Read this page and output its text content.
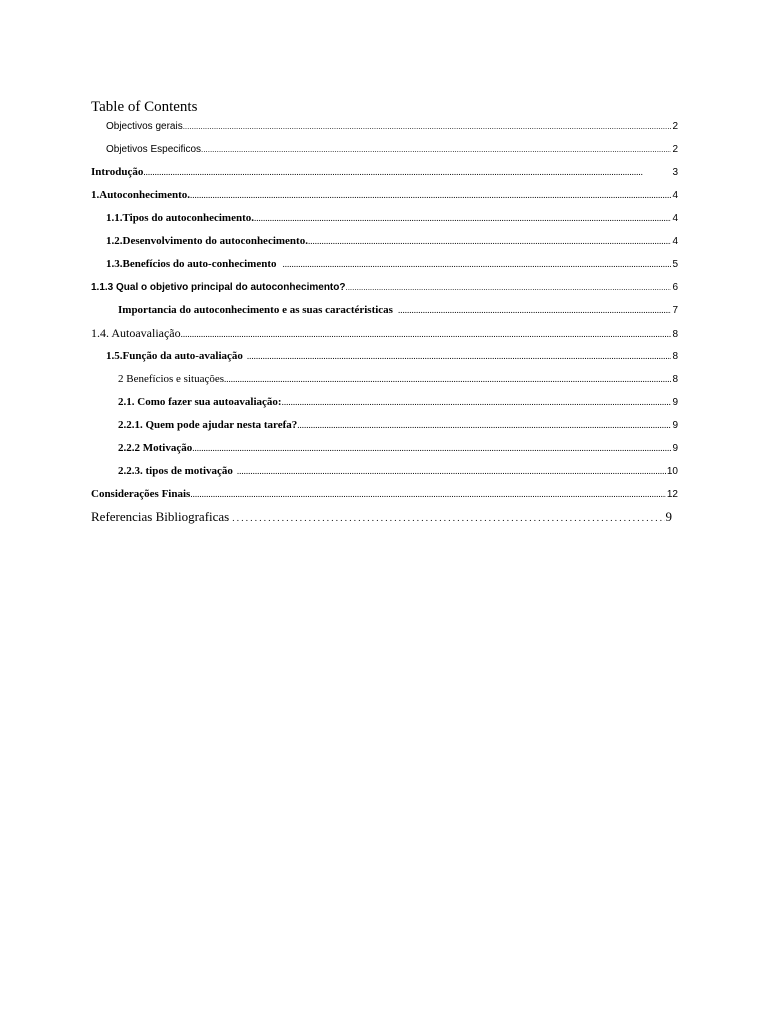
Table of Contents
Objectivos gerais .....	2
Objetivos Especificos .....	2
Introdução .....	3
1.Autoconhecimento. .....	4
1.1.Tipos do autoconhecimento. .....	4
1.2.Desenvolvimento do autoconhecimento. .....	4
1.3.Benefícios do auto-conhecimento .....	5
1.1.3 Qual o objetivo principal do autoconhecimento? .....	6
Importancia do autoconhecimento e as suas caractéristicas .....	7
1.4. Autoavaliação .....	8
1.5.Função da auto-avaliação .....	8
2 Benefícios e situações .....	8
2.1. Como fazer sua autoavaliação: .....	9
2.2.1. Quem pode ajudar nesta tarefa? .....	9
2.2.2 Motivação .....	9
2.2.3. tipos de motivação .....	10
Considerações Finais .....	12
Referencias Bibliograficas . . .	9
